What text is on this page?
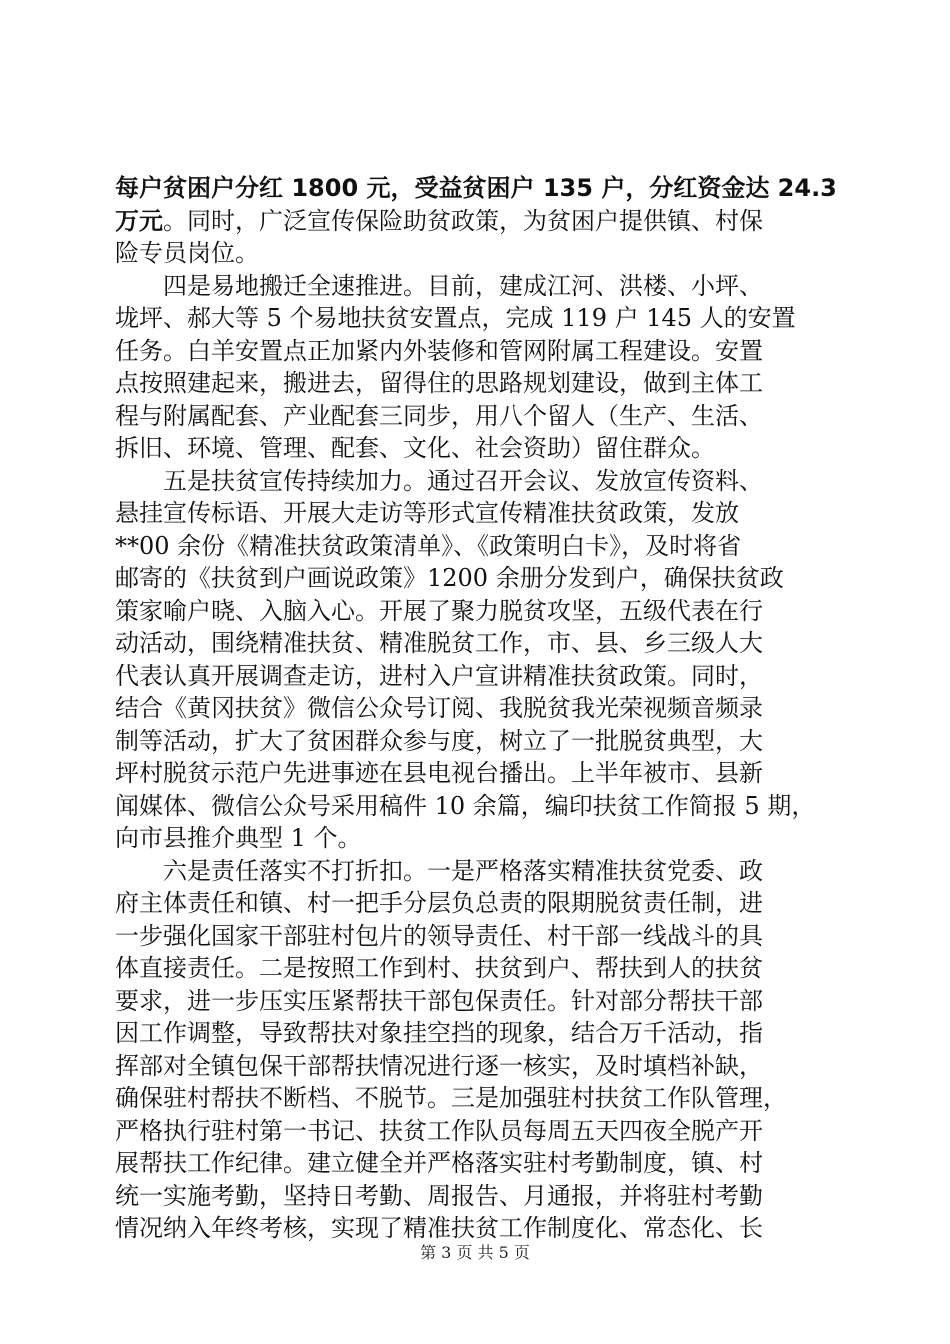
每户贫困户分红 1800 元，受益贫困户 135 户，分红资金达 24.3
万元。同时，广泛宣传保险助贫政策，为贫困户提供镇、村保
险专员岗位。
四是易地搬迁全速推进。目前，建成江河、洪楼、小坪、
垅坪、郝大等 5 个易地扶贫安置点，完成 119 户 145 人的安置
任务。白羊安置点正加紧内外装修和管网附属工程建设。安置
点按照建起来，搬进去，留得住的思路规划建设，做到主体工
程与附属配套、产业配套三同步，用八个留人（生产、生活、
拆旧、环境、管理、配套、文化、社会资助）留住群众。
五是扶贫宣传持续加力。通过召开会议、发放宣传资料、
悬挂宣传标语、开展大走访等形式宣传精准扶贫政策，发放
**00 余份《精准扶贫政策清单》、《政策明白卡》，及时将省
邮寄的《扶贫到户画说政策》1200 余册分发到户，确保扶贫政
策家喻户晓、入脑入心。开展了聚力脱贫攻坚，五级代表在行
动活动，围绕精准扶贫、精准脱贫工作，市、县、乡三级人大
代表认真开展调查走访，进村入户宣讲精准扶贫政策。同时，
结合《黄冈扶贫》微信公众号订阅、我脱贫我光荣视频音频录
制等活动，扩大了贫困群众参与度，树立了一批脱贫典型，大
坪村脱贫示范户先进事迹在县电视台播出。上半年被市、县新
闻媒体、微信公众号采用稿件 10 余篇，编印扶贫工作简报 5 期，
向市县推介典型 1 个。
六是责任落实不打折扣。一是严格落实精准扶贫党委、政
府主体责任和镇、村一把手分层负总责的限期脱贫责任制，进
一步强化国家干部驻村包片的领导责任、村干部一线战斗的具
体直接责任。二是按照工作到村、扶贫到户、帮扶到人的扶贫
要求，进一步压实压紧帮扶干部包保责任。针对部分帮扶干部
因工作调整，导致帮扶对象挂空挡的现象，结合万千活动，指
挥部对全镇包保干部帮扶情况进行逐一核实，及时填档补缺，
确保驻村帮扶不断档、不脱节。三是加强驻村扶贫工作队管理，
严格执行驻村第一书记、扶贫工作队员每周五天四夜全脱产开
展帮扶工作纪律。建立健全并严格落实驻村考勤制度，镇、村
统一实施考勤，坚持日考勤、周报告、月通报，并将驻村考勤
情况纳入年终考核，实现了精准扶贫工作制度化、常态化、长
第 3 页 共 5 页
